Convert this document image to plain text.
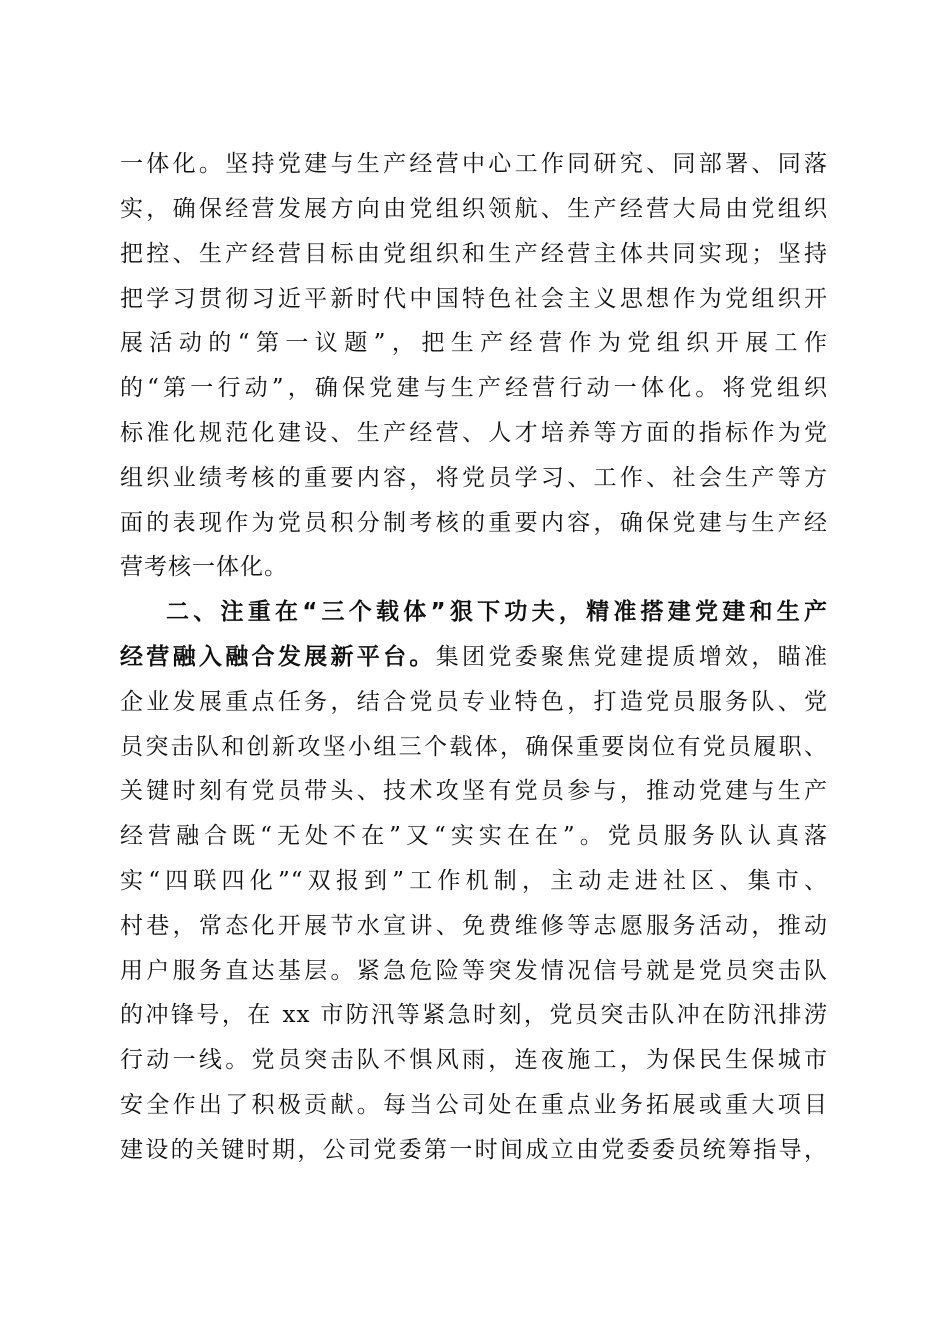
一体化。坚持党建与生产经营中心工作同研究、同部署、同落
实，确保经营发展方向由党组织领航、生产经营大局由党组织
把控、生产经营目标由党组织和生产经营主体共同实现；坚持
把学习贯彻习近平新时代中国特色社会主义思想作为党组织开
展活动的“第一议题”，把生产经营作为党组织开展工作
的“第一行动”，确保党建与生产经营行动一体化。将党组织
标准化规范化建设、生产经营、人才培养等方面的指标作为党
组织业绩考核的重要内容，将党员学习、工作、社会生产等方
面的表现作为党员积分制考核的重要内容，确保党建与生产经
营考核一体化。
二、注重在“三个载体”狠下功夫，精准搭建党建和生产
经营融入融合发展新平台。集团党委聚焦党建提质增效，瞄准
企业发展重点任务，结合党员专业特色，打造党员服务队、党
员突击队和创新攻坚小组三个载体，确保重要岗位有党员履职、
关键时刻有党员带头、技术攻坚有党员参与，推动党建与生产
经营融合既“无处不在”又“实实在在”。党员服务队认真落
实“四联四化”“双报到”工作机制，主动走进社区、集市、
村巷，常态化开展节水宣讲、免费维修等志愿服务活动，推动
用户服务直达基层。紧急危险等突发情况信号就是党员突击队
的冲锋号，在 xx 市防汛等紧急时刻，党员突击队冲在防汛排涝
行动一线。党员突击队不惧风雨，连夜施工，为保民生保城市
安全作出了积极贡献。每当公司处在重点业务拓展或重大项目
建设的关键时期，公司党委第一时间成立由党委委员统筹指导，
